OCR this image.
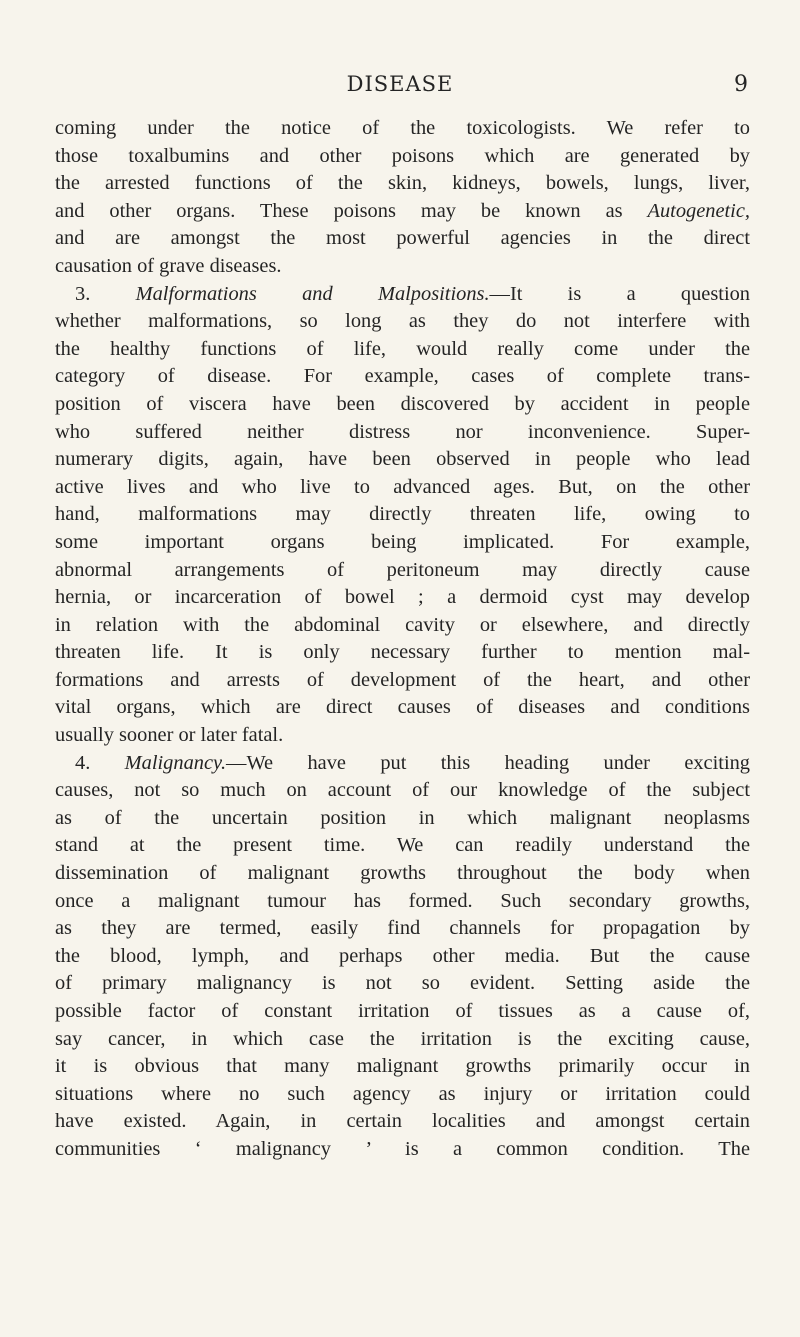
DISEASE	9
coming under the notice of the toxicologists. We refer to
those toxalbumins and other poisons which are generated by
the arrested functions of the skin, kidneys, bowels, lungs, liver,
and other organs. These poisons may be known as Autogenetic,
and are amongst the most powerful agencies in the direct
causation of grave diseases.
3. Malformations and Malpositions.—It is a question
whether malformations, so long as they do not interfere with
the healthy functions of life, would really come under the
category of disease. For example, cases of complete trans-
position of viscera have been discovered by accident in people
who suffered neither distress nor inconvenience. Super-
numerary digits, again, have been observed in people who lead
active lives and who live to advanced ages. But, on the other
hand, malformations may directly threaten life, owing to
some important organs being implicated. For example,
abnormal arrangements of peritoneum may directly cause
hernia, or incarceration of bowel ; a dermoid cyst may develop
in relation with the abdominal cavity or elsewhere, and directly
threaten life. It is only necessary further to mention mal-
formations and arrests of development of the heart, and other
vital organs, which are direct causes of diseases and conditions
usually sooner or later fatal.
4. Malignancy.—We have put this heading under exciting
causes, not so much on account of our knowledge of the subject
as of the uncertain position in which malignant neoplasms
stand at the present time. We can readily understand the
dissemination of malignant growths throughout the body when
once a malignant tumour has formed. Such secondary growths,
as they are termed, easily find channels for propagation by
the blood, lymph, and perhaps other media. But the cause
of primary malignancy is not so evident. Setting aside the
possible factor of constant irritation of tissues as a cause of,
say cancer, in which case the irritation is the exciting cause,
it is obvious that many malignant growths primarily occur in
situations where no such agency as injury or irritation could
have existed. Again, in certain localities and amongst certain
communities ‘ malignancy ’ is a common condition. The
